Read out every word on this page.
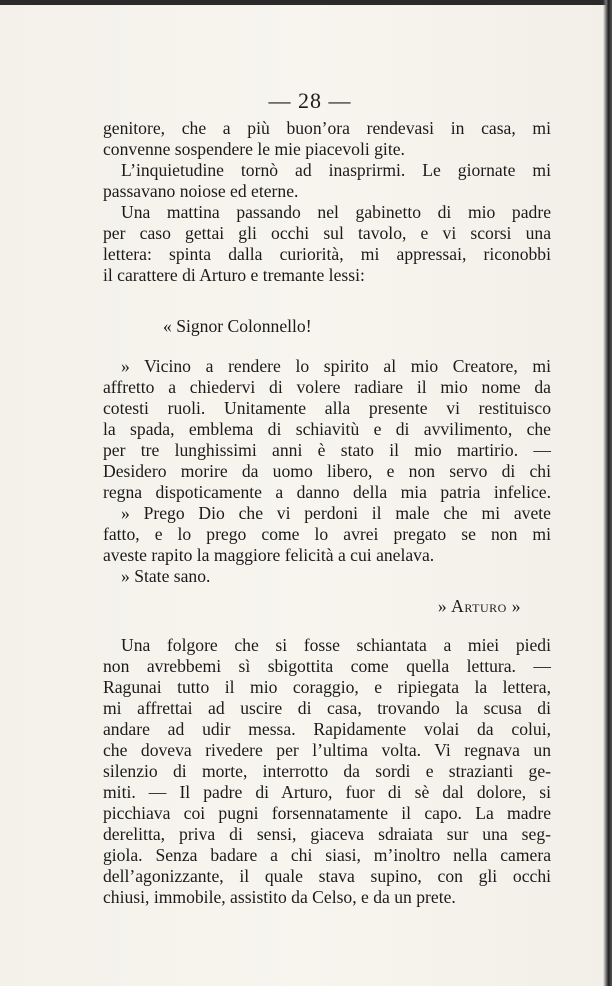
— 28 —
genitore, che a più buon’ora rendevasi in casa, mi
convenne sospendere le mie piacevoli gite.
L’inquietudine tornò ad inasprirmi. Le giornate mi
passavano noiose ed eterne.
Una mattina passando nel gabinetto di mio padre
per caso gettai gli occhi sul tavolo, e vi scorsi una
lettera: spinta dalla curiorità, mi appressai, riconobbi
il carattere di Arturo e tremante lessi:
« Signor Colonnello!
» Vicino a rendere lo spirito al mio Creatore, mi
affretto a chiedervi di volere radiare il mio nome da
cotesti ruoli. Unitamente alla presente vi restituisco
la spada, emblema di schiavitù e di avvilimento, che
per tre lunghissimi anni è stato il mio martirio. —
Desidero morire da uomo libero, e non servo di chi
regna dispoticamente a danno della mia patria infelice.
» Prego Dio che vi perdoni il male che mi avete
fatto, e lo prego come lo avrei pregato se non mi
aveste rapito la maggiore felicità a cui anelava.
» State sano.
» Arturo »
Una folgore che si fosse schiantata a miei piedi
non avrebbemi sì sbigottita come quella lettura. —
Ragunai tutto il mio coraggio, e ripiegata la lettera,
mi affrettai ad uscire di casa, trovando la scusa di
andare ad udir messa. Rapidamente volai da colui,
che doveva rivedere per l’ultima volta. Vi regnava un
silenzio di morte, interrotto da sordi e strazianti ge-
miti. — Il padre di Arturo, fuor di sè dal dolore, si
picchiava coi pugni forsennatamente il capo. La madre
derelitta, priva di sensi, giaceva sdraiata sur una seg-
giola. Senza badare a chi siasi, m’inoltro nella camera
dell’agonizzante, il quale stava supino, con gli occhi
chiusi, immobile, assistito da Celso, e da un prete.
